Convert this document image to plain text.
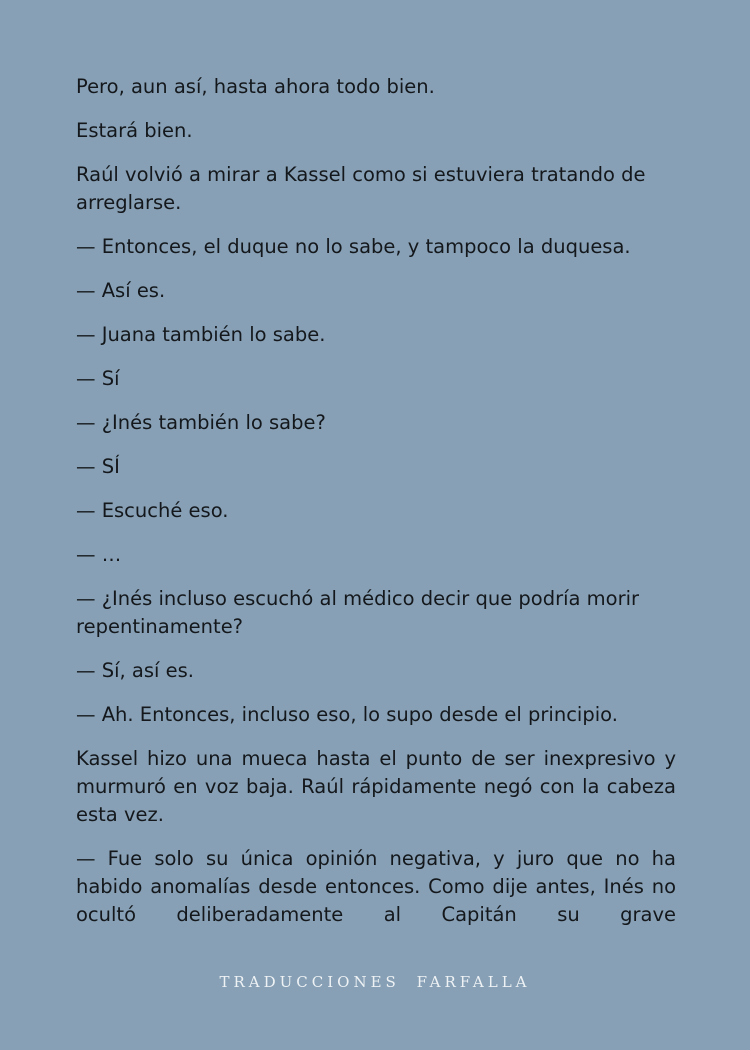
Pero, aun así, hasta ahora todo bien.

Estará bien.

Raúl volvió a mirar a Kassel como si estuviera tratando de arreglarse.

— Entonces, el duque no lo sabe, y tampoco la duquesa.

— Así es.

— Juana también lo sabe.

— Sí

— ¿Inés también lo sabe?

— SÍ

— Escuché eso.

— …

— ¿Inés incluso escuchó al médico decir que podría morir repentinamente?

— Sí, así es.

— Ah. Entonces, incluso eso, lo supo desde el principio.

Kassel hizo una mueca hasta el punto de ser inexpresivo y murmuró en voz baja. Raúl rápidamente negó con la cabeza esta vez.

— Fue solo su única opinión negativa, y juro que no ha habido anomalías desde entonces. Como dije antes, Inés no ocultó deliberadamente al Capitán su grave

TRADUCCIONES FARFALLA
